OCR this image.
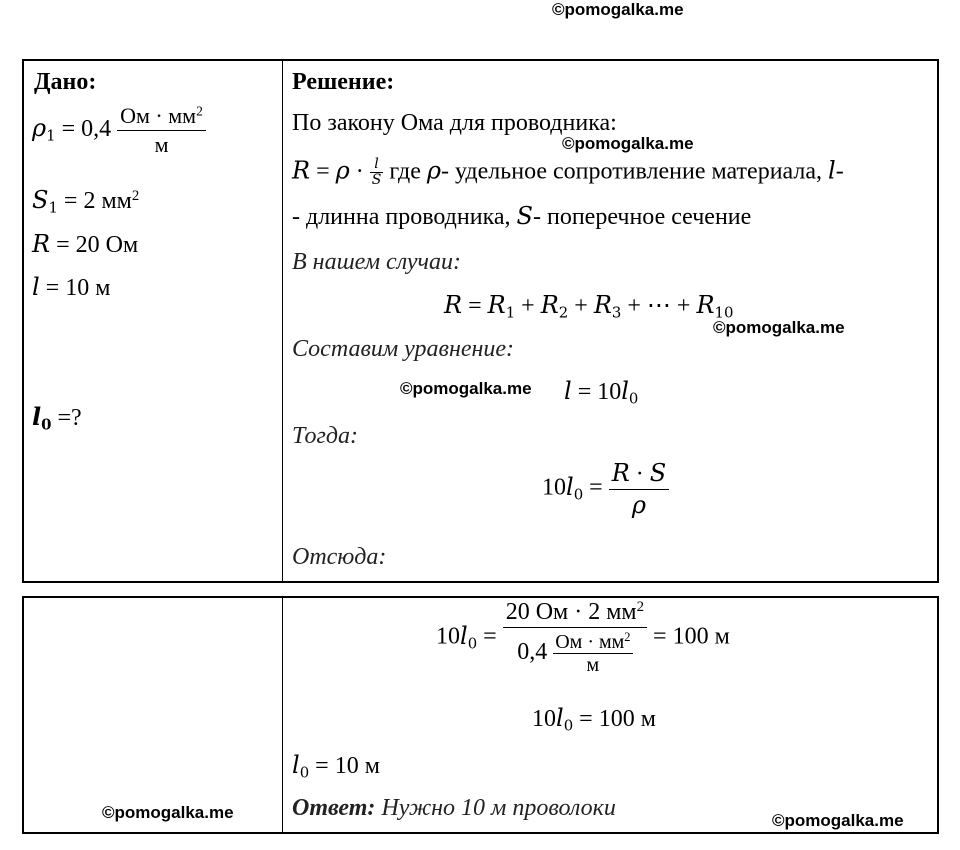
©pomogalka.me
©pomogalka.me
©pomogalka.me
©pomogalka.me
©pomogalka.me	©pomogalka.me
Дано:
$\rho_1 = 0,4 \frac{Ом \cdot мм^2}{м}$
$S_1 = 2$ $мм^2$
R = 20 Ом
l = 10 м
$l_0$ =?
Решение:
По закону Ома для проводника:
$R = \rho \cdot \frac{l}{S}$ где ρ- удельное сопротивление материала, l-
- длинна проводника, S- поперечное сечение
В нашем случаи:
$R = R_1 + R_2 + R_3$ + ⋯ + $R_{10}$
Составим уравнение:
$l = 10l_0$
Тогда:
$10l_0 = \frac{R \cdot S}{\rho}$
Отсюда:
$10l_0 = \frac{20 Ом \cdot 2 мм^2}{0,4 \frac{Ом \cdot мм^2}{м}} = 100$ м
$10l_0 = 100$ м
$l_0 = 10$ м
Ответ: Нужно 10 м проволоки
